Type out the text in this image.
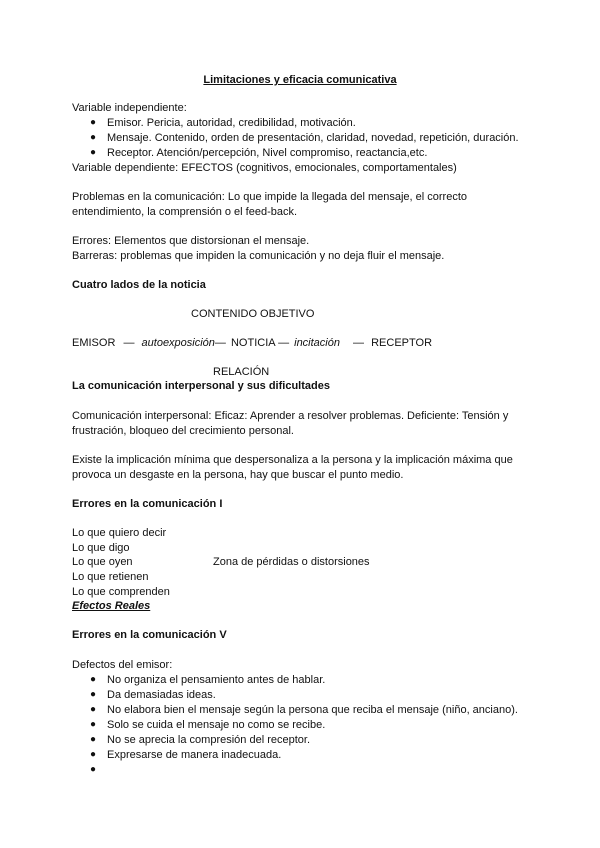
Limitaciones y eficacia comunicativa
Variable independiente:
● Emisor. Pericia, autoridad, credibilidad, motivación.
● Mensaje. Contenido, orden de presentación, claridad, novedad, repetición, duración.
● Receptor. Atención/percepción, Nivel compromiso, reactancia,etc.
Variable dependiente: EFECTOS (cognitivos, emocionales, comportamentales)
Problemas en la comunicación: Lo que impide la llegada del mensaje, el correcto
entendimiento, la comprensión o el feed-back.
Errores: Elementos que distorsionan el mensaje.
Barreras: problemas que impiden la comunicación y no deja fluir el mensaje.
Cuatro lados de la noticia
CONTENIDO OBJETIVO
EMISOR — autoexposición— NOTICIA — incitación — RECEPTOR
RELACIÓN
La comunicación interpersonal y sus dificultades
Comunicación interpersonal: Eficaz: Aprender a resolver problemas. Deficiente: Tensión y
frustración, bloqueo del crecimiento personal.
Existe la implicación mínima que despersonaliza a la persona y la implicación máxima que
provoca un desgaste en la persona, hay que buscar el punto medio.
Errores en la comunicación I
Lo que quiero decir
Lo que digo
Lo que oyen	Zona de pérdidas o distorsiones
Lo que retienen
Lo que comprenden
Efectos Reales
Errores en la comunicación V
Defectos del emisor:
● No organiza el pensamiento antes de hablar.
● Da demasiadas ideas.
● No elabora bien el mensaje según la persona que reciba el mensaje (niño, anciano).
● Solo se cuida el mensaje no como se recibe.
● No se aprecia la compresión del receptor.
● Expresarse de manera inadecuada.
●
